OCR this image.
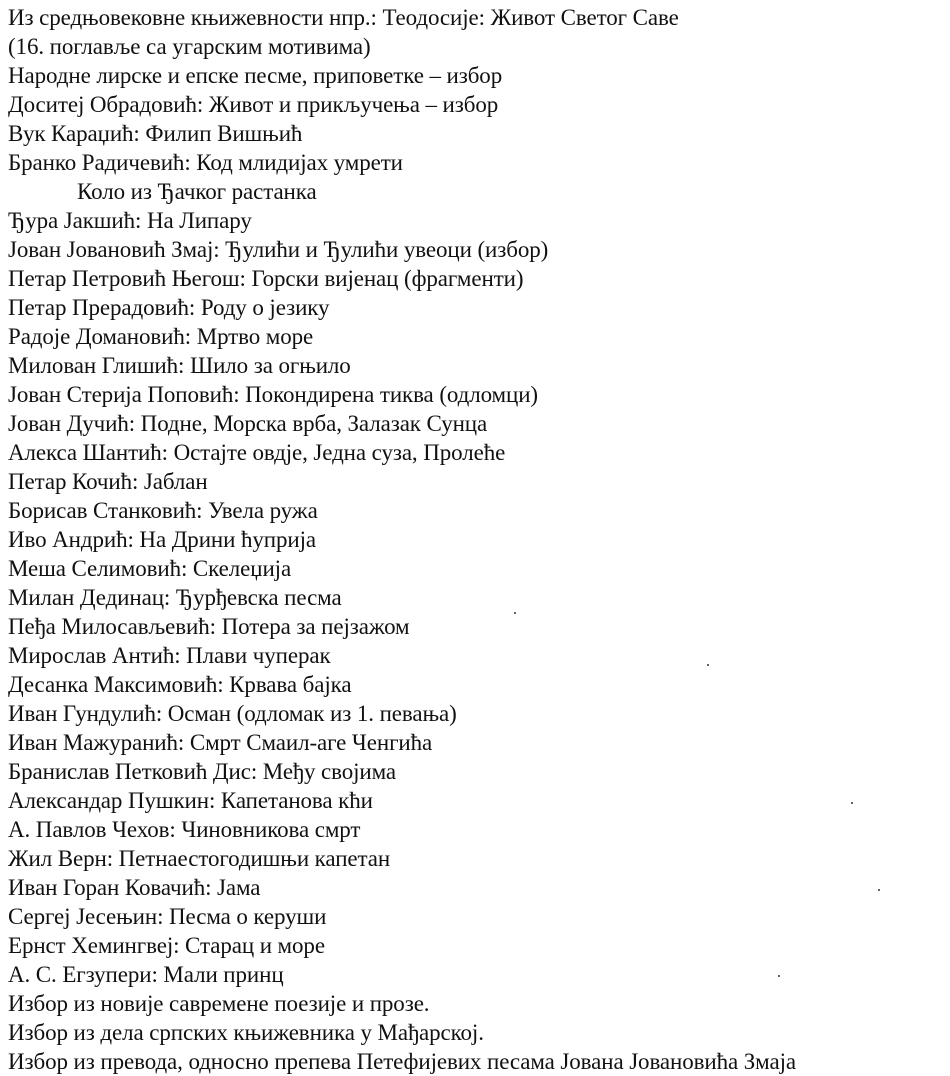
Из средњовековне књижевности нпр.: Теодосије: Живот Светог Саве
(16. поглавље са угарским мотивима)
Народне лирске и епске песме, приповетке – избор
Доситеј Обрадовић: Живот и прикључења – избор
Вук Караџић: Филип Вишњић
Бранко Радичевић: Код млидијах умрети
Коло из Ђачког растанка
Ђура Јакшић: На Липару
Јован Јовановић Змај: Ђулићи и Ђулићи увеоци (избор)
Петар Петровић Његош: Горски вијенац (фрагменти)
Петар Прерадовић: Роду о језику
Радоје Домановић: Мртво море
Милован Глишић: Шило за огњило
Јован Стерија Поповић: Покондирена тиква (одломци)
Јован Дучић: Подне, Морска врба, Залазак Сунца
Алекса Шантић: Остајте овдје, Једна суза, Пролеће
Петар Кочић: Јаблан
Борисав Станковић: Увела ружа
Иво Андрић: На Дрини ћуприја
Меша Селимовић: Скелеџија
Милан Дединац: Ђурђевска песма
Пеђа Милосављевић: Потера за пејзажом
Мирослав Антић: Плави чуперак
Десанка Максимовић: Крвава бајка
Иван Гундулић: Осман (одломак из 1. певања)
Иван Мажуранић: Смрт Смаил-аге Ченгића
Бранислав Петковић Дис: Међу својима
Александар Пушкин: Капетанова кћи
А. Павлов Чехов: Чиновникова смрт
Жил Верн: Петнаестогодишњи капетан
Иван Горан Ковачић: Јама
Сергеј Јесењин: Песма о керуши
Ернст Хемингвеј: Старац и море
А. С. Егзупери: Мали принц
Избор из новије савремене поезије и прозе.
Избор из дела српских књижевника у Мађарској.
Избор из превода, односно препева Петефијевих песама Јована Јовановића Змаја
